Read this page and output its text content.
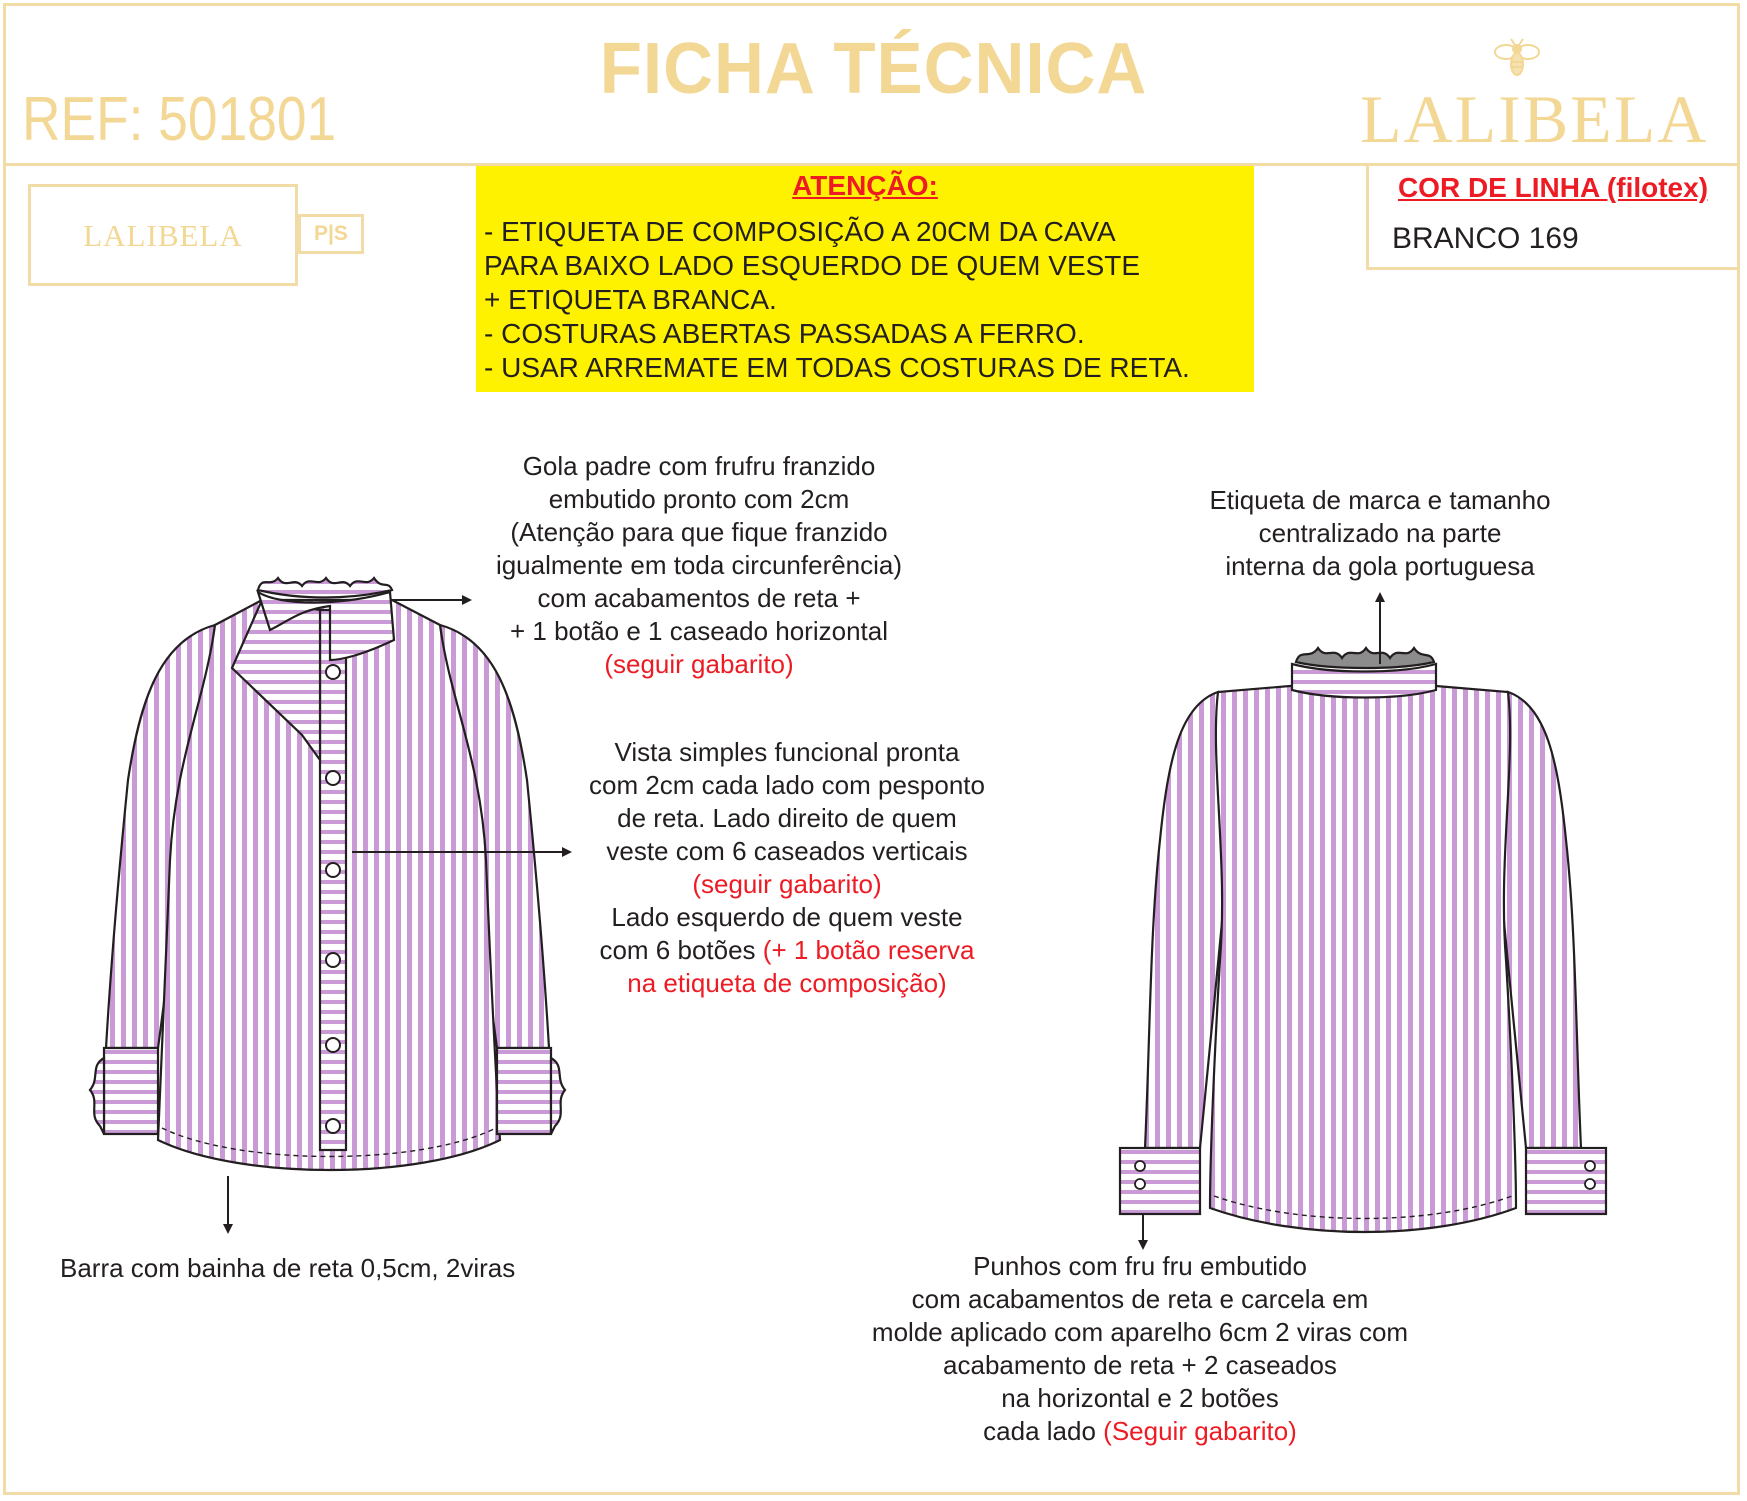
FICHA TÉCNICA
REF: 501801	LALIBELA
LALIBELA	P|S
ATENÇÃO:
- ETIQUETA DE COMPOSIÇÃO A 20CM DA CAVA
PARA BAIXO LADO ESQUERDO DE QUEM VESTE
+ ETIQUETA BRANCA.
- COSTURAS ABERTAS PASSADAS A FERRO.
- USAR ARREMATE EM TODAS COSTURAS DE RETA.
COR DE LINHA (filotex)
BRANCO 169
Gola padre com frufru franzido
embutido pronto com 2cm
(Atenção para que fique franzido
igualmente em toda circunferência)
com acabamentos de reta +
+ 1 botão e 1 caseado horizontal
(seguir gabarito)
Vista simples funcional pronta
com 2cm cada lado com pesponto
de reta. Lado direito de quem
veste com 6 caseados verticais
(seguir gabarito)
Lado esquerdo de quem veste
com 6 botões (+ 1 botão reserva
na etiqueta de composição)
Etiqueta de marca e tamanho
centralizado na parte
interna da gola portuguesa
Barra com bainha de reta 0,5cm, 2viras	Punhos com fru fru embutido
com acabamentos de reta e carcela em
molde aplicado com aparelho 6cm 2 viras com
acabamento de reta + 2 caseados
na horizontal e 2 botões
cada lado (Seguir gabarito)
